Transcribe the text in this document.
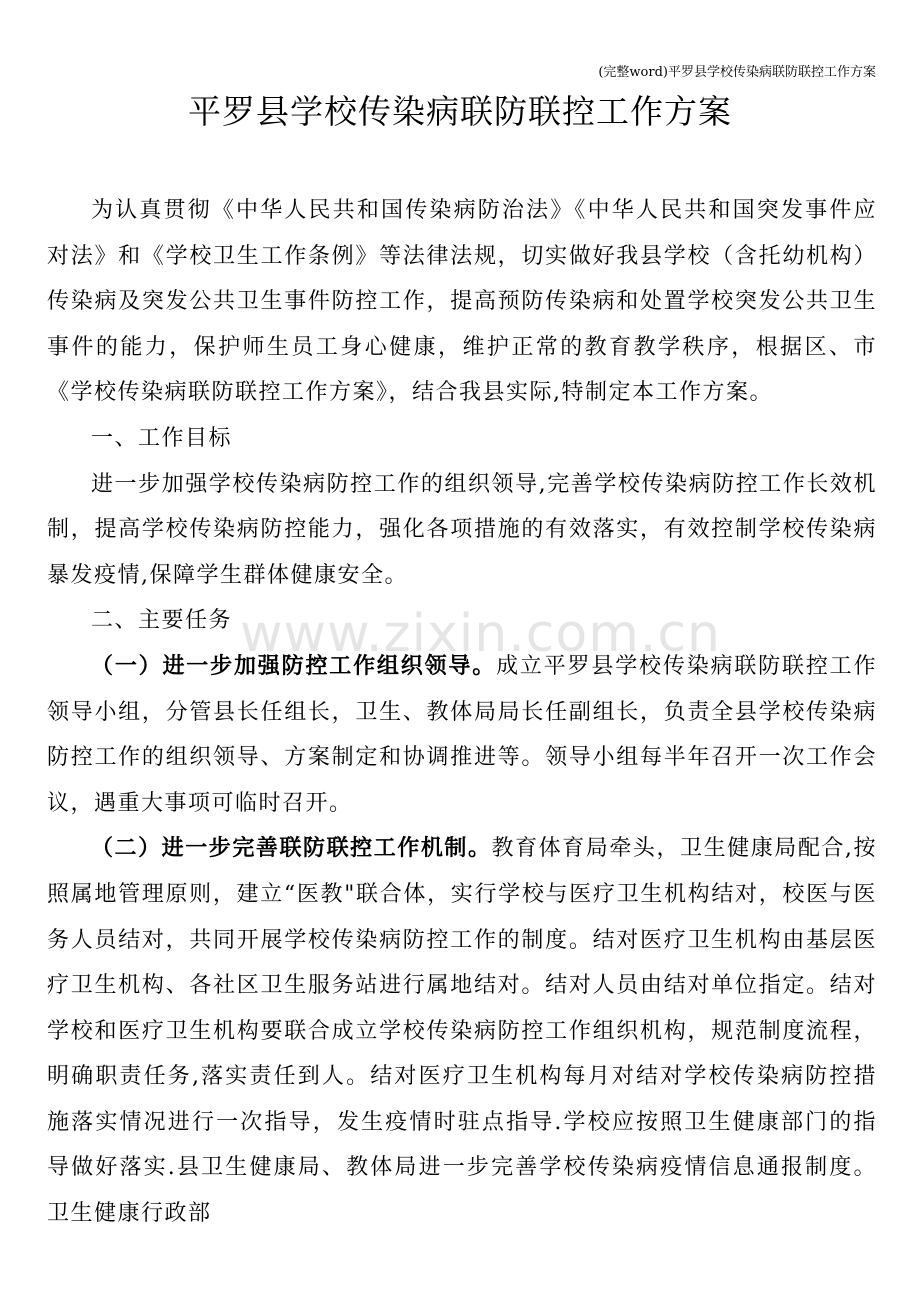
(完整word)平罗县学校传染病联防联控工作方案
平罗县学校传染病联防联控工作方案

为认真贯彻《中华人民共和国传染病防治法》《中华人民共和国突发事件应对法》和《学校卫生工作条例》等法律法规，切实做好我县学校（含托幼机构）传染病及突发公共卫生事件防控工作，提高预防传染病和处置学校突发公共卫生事件的能力，保护师生员工身心健康，维护正常的教育教学秩序，根据区、市《学校传染病联防联控工作方案》，结合我县实际,特制定本工作方案。

一、工作目标

进一步加强学校传染病防控工作的组织领导,完善学校传染病防控工作长效机制，提高学校传染病防控能力，强化各项措施的有效落实，有效控制学校传染病暴发疫情,保障学生群体健康安全。

二、主要任务

（一）进一步加强防控工作组织领导。成立平罗县学校传染病联防联控工作领导小组，分管县长任组长，卫生、教体局局长任副组长，负责全县学校传染病防控工作的组织领导、方案制定和协调推进等。领导小组每半年召开一次工作会议，遇重大事项可临时召开。

（二）进一步完善联防联控工作机制。教育体育局牵头，卫生健康局配合,按照属地管理原则，建立“医教"联合体，实行学校与医疗卫生机构结对，校医与医务人员结对，共同开展学校传染病防控工作的制度。结对医疗卫生机构由基层医疗卫生机构、各社区卫生服务站进行属地结对。结对人员由结对单位指定。结对学校和医疗卫生机构要联合成立学校传染病防控工作组织机构，规范制度流程，明确职责任务,落实责任到人。结对医疗卫生机构每月对结对学校传染病防控措施落实情况进行一次指导，发生疫情时驻点指导.学校应按照卫生健康部门的指导做好落实.县卫生健康局、教体局进一步完善学校传染病疫情信息通报制度。卫生健康行政部

www.zixin.com.cn
